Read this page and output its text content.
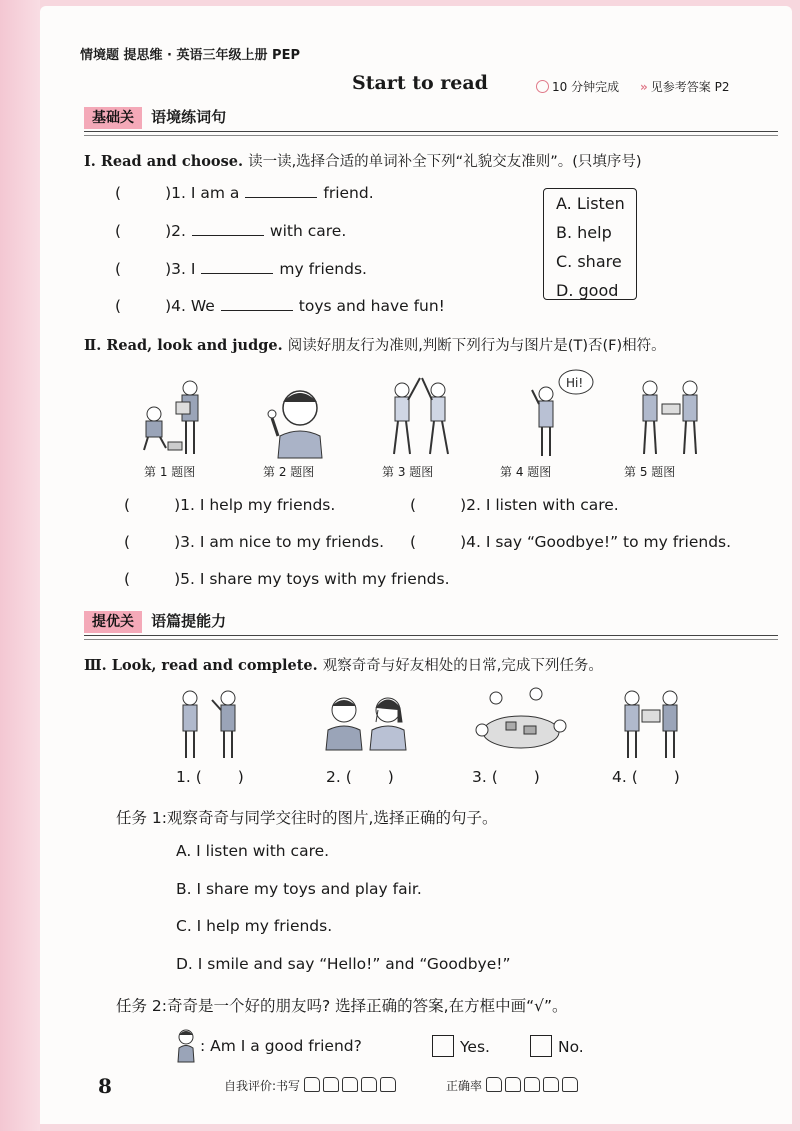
情境题 提思维 · 英语三年级上册 PEP
Start to read	10 分钟完成 » 见参考答案 P2
基础关 语境练词句
Ⅰ. Read and choose. 读一读,选择合适的单词补全下列“礼貌交友准则”。(只填序号)
(	)1. I am a	friend.
(	)2.	with care.
(	)3. I	my friends.
(	)4. We	toys and have fun!
A. Listen
B. help
C. share
D. good
Ⅱ. Read, look and judge. 阅读好朋友行为准则,判断下列行为与图片是(T)否(F)相符。
Hi!
第 1 题图	第 2 题图	第 3 题图	第 4 题图	第 5 题图
(	)1. I help my friends.	(	)2. I listen with care.
(	)3. I am nice to my friends. (	)4. I say “Goodbye!” to my friends.
(	)5. I share my toys with my friends.
提优关 语篇提能力
Ⅲ. Look, read and complete. 观察奇奇与好友相处的日常,完成下列任务。
1. ( )	2. ( )	3. ( )	4. ( )
任务 1:观察奇奇与同学交往时的图片,选择正确的句子。
A. I listen with care.
B. I share my toys and play fair.
C. I help my friends.
D. I smile and say “Hello!” and “Goodbye!”
任务 2:奇奇是一个好的朋友吗? 选择正确的答案,在方框中画“√”。
: Am I a good friend?	Yes.	No.
8	自我评价:书写	正确率
